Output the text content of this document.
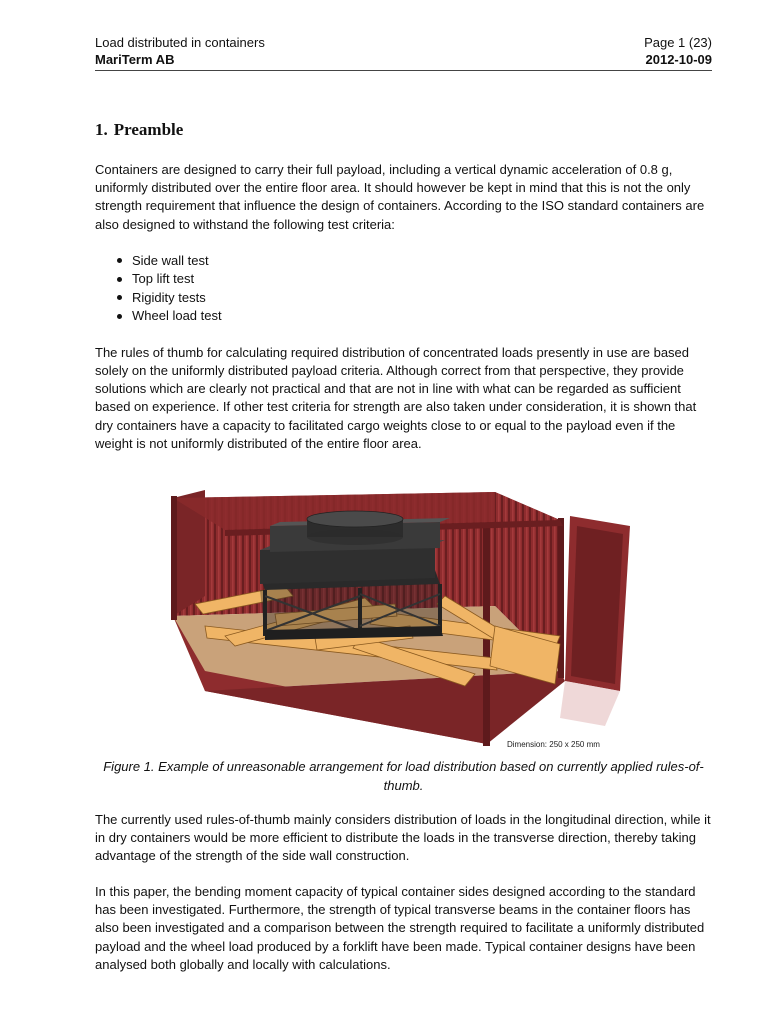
Load distributed in containers	Page 1 (23)
MariTerm AB	2012-10-09
1. Preamble

Containers are designed to carry their full payload, including a vertical dynamic acceleration of 0.8 g, uniformly distributed over the entire floor area. It should however be kept in mind that this is not the only strength requirement that influence the design of containers. According to the ISO standard containers are also designed to withstand the following test criteria:

Side wall test
Top lift test
Rigidity tests
Wheel load test

The rules of thumb for calculating required distribution of concentrated loads presently in use are based solely on the uniformly distributed payload criteria. Although correct from that perspective, they provide solutions which are clearly not practical and that are not in line with what can be regarded as sufficient based on experience. If other test criteria for strength are also taken under consideration, it is shown that dry containers have a capacity to facilitated cargo weights close to or equal to the payload even if the weight is not uniformly distributed of the entire floor area.

Dimension: 250 x 250 mm
Figure 1. Example of unreasonable arrangement for load distribution based on currently applied rules-of-thumb.

The currently used rules-of-thumb mainly considers distribution of loads in the longitudinal direction, while it in dry containers would be more efficient to distribute the loads in the transverse direction, thereby taking advantage of the strength of the side wall construction.

In this paper, the bending moment capacity of typical container sides designed according to the standard has been investigated. Furthermore, the strength of typical transverse beams in the container floors has also been investigated and a comparison between the strength required to facilitate a uniformly distributed payload and the wheel load produced by a forklift have been made. Typical container designs have been analysed both globally and locally with calculations.
